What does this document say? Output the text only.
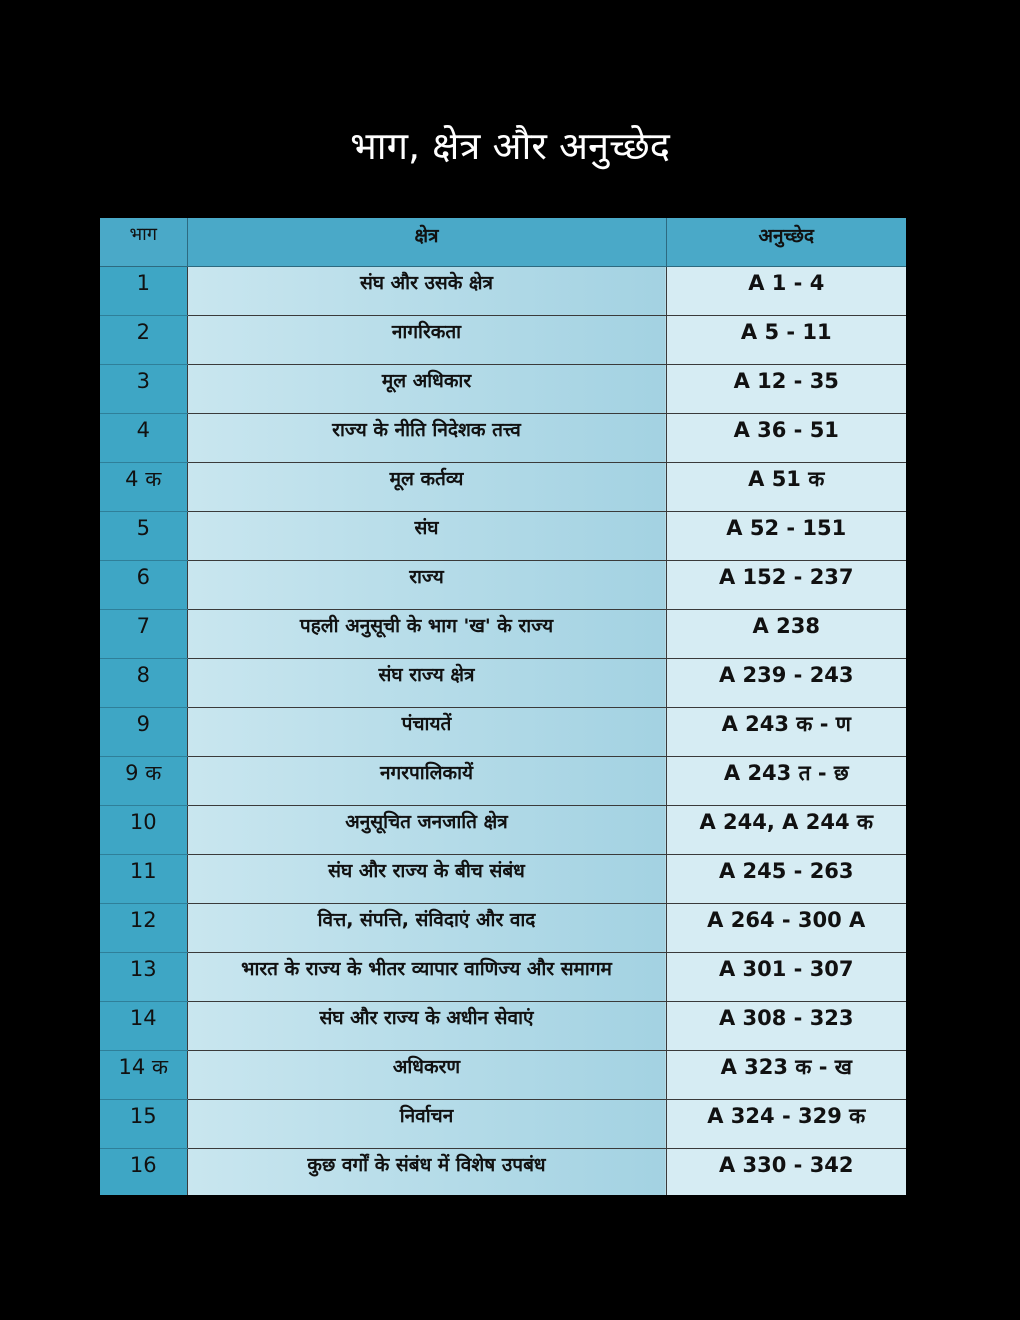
भाग, क्षेत्र और अनुच्छेद
भाग	क्षेत्र	अनुच्छेद
1	संघ और उसके क्षेत्र	A 1 - 4
2	नागरिकता	A 5 - 11
3	मूल अधिकार	A 12 - 35
4	राज्य के नीति निदेशक तत्त्व	A 36 - 51
4 क	मूल कर्तव्य	A 51 क
5	संघ	A 52 - 151
6	राज्य	A 152 - 237
7	पहली अनुसूची के भाग 'ख' के राज्य	A 238
8	संघ राज्य क्षेत्र	A 239 - 243
9	पंचायतें	A 243 क - ण
9 क	नगरपालिकायें	A 243 त - छ
10	अनुसूचित जनजाति क्षेत्र	A 244, A 244 क
11	संघ और राज्य के बीच संबंध	A 245 - 263
12	वित्त, संपत्ति, संविदाएं और वाद	A 264 - 300 A
13	भारत के राज्य के भीतर व्यापार वाणिज्य और समागम	A 301 - 307
14	संघ और राज्य के अधीन सेवाएं	A 308 - 323
14 क	अधिकरण	A 323 क - ख
15	निर्वाचन	A 324 - 329 क
16	कुछ वर्गों के संबंध में विशेष उपबंध	A 330 - 342
